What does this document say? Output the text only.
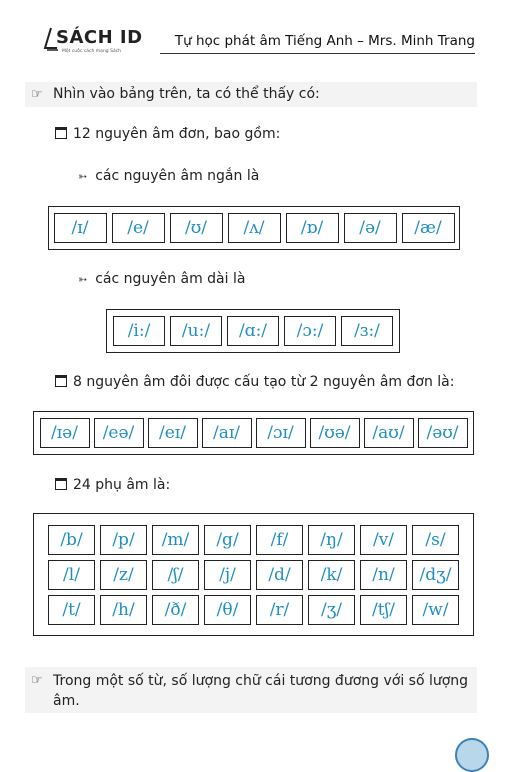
SÁCH ID
Một cuộc cách mạng Sách
Tự học phát âm Tiếng Anh – Mrs. Minh Trang
☞ Nhìn vào bảng trên, ta có thể thấy có:
12 nguyên âm đơn, bao gồm:
➳ các nguyên âm ngắn là
/ɪ/	/e/	/ʊ/	/ʌ/	/ɒ/	/ə/	/æ/
➳ các nguyên âm dài là
/i:/	/u:/	/ɑ:/	/ɔ:/	/ɜ:/
8 nguyên âm đôi được cấu tạo từ 2 nguyên âm đơn là:
/ɪə/	/eə/	/eɪ/	/aɪ/	/ɔɪ/	/ʊə/	/aʊ/	/əʊ/
24 phụ âm là:
/b/	/p/	/m/	/g/	/f/	/ŋ/	/v/	/s/
/l/	/z/	/ʃ/	/j/	/d/	/k/	/n/	/dʒ/
/t/	/h/	/ð/	/θ/	/r/	/ʒ/	/tʃ/	/w/
☞ Trong một số từ, số lượng chữ cái tương đương với số lượng âm.
